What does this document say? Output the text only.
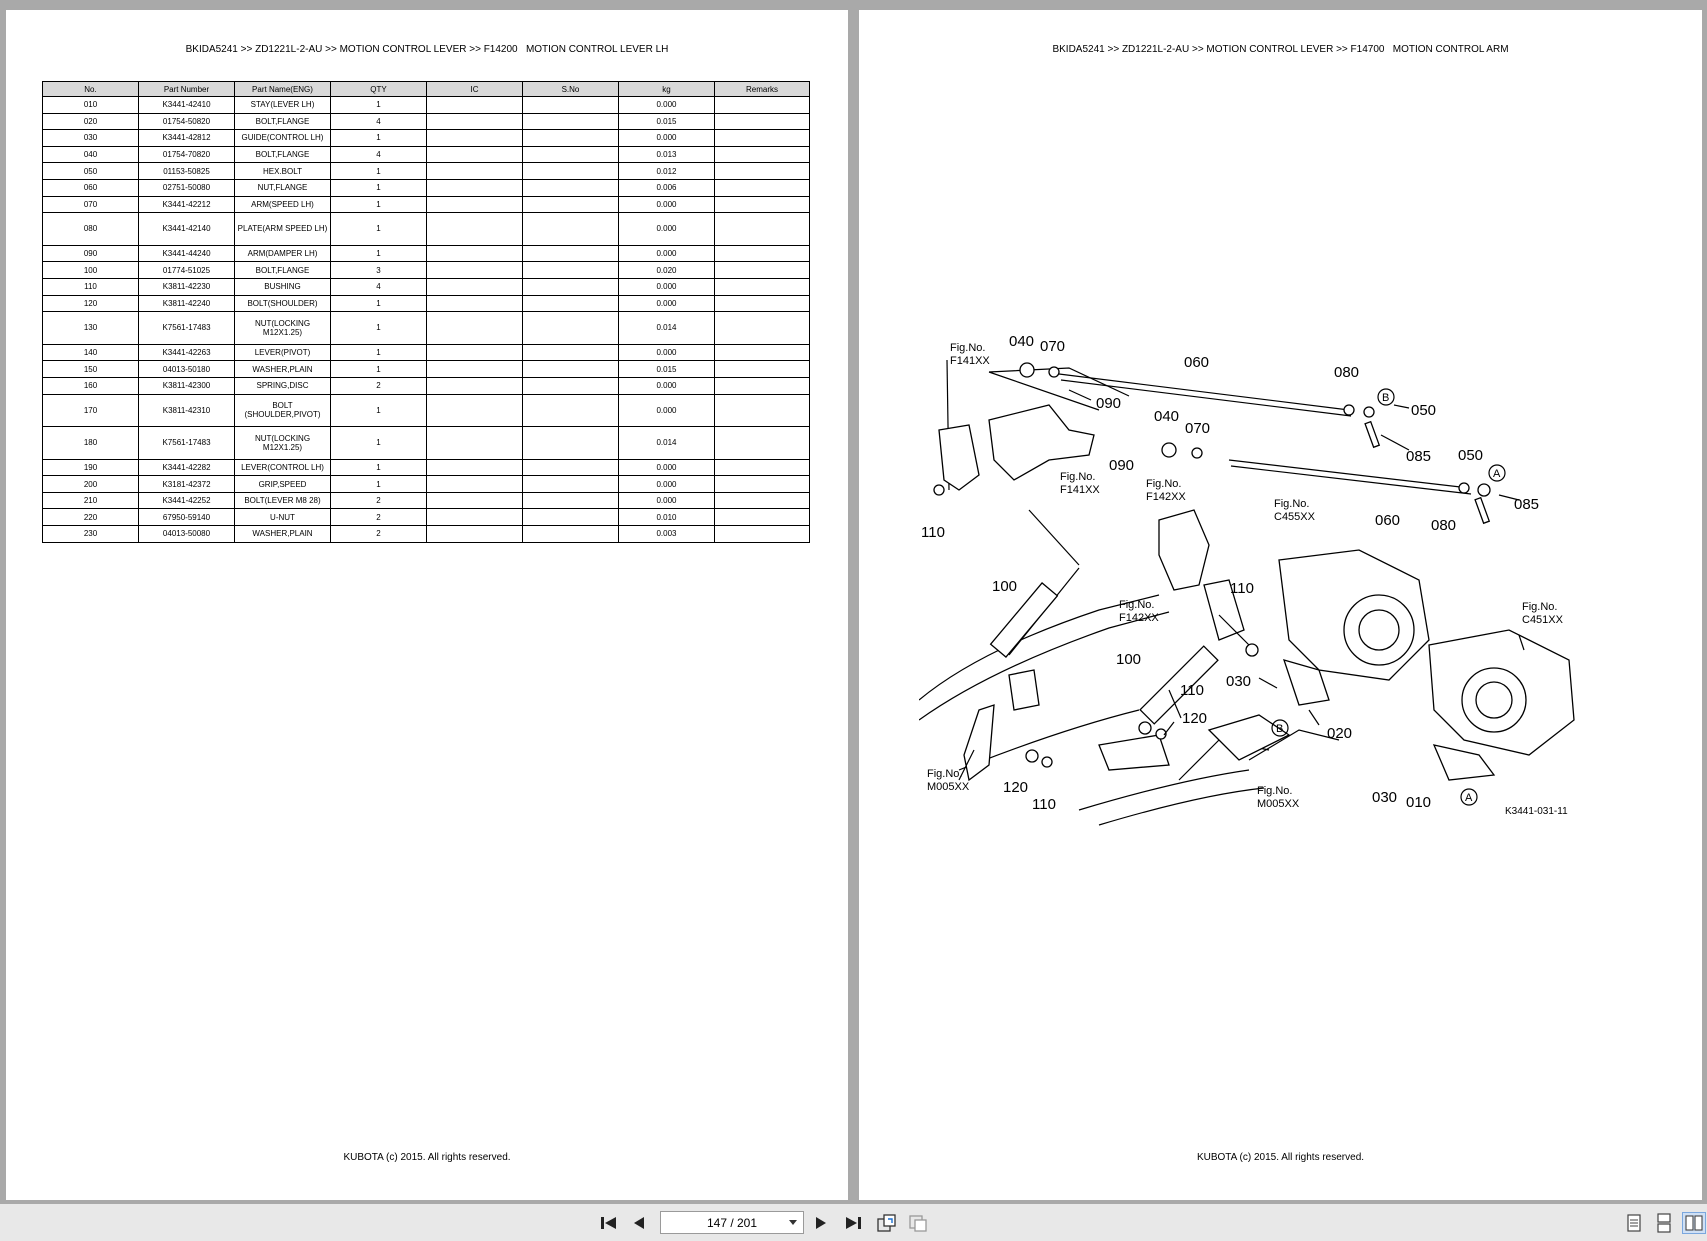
BKIDA5241 >> ZD1221L-2-AU >> MOTION CONTROL LEVER >> F14200   MOTION CONTROL LEVER LH
No.	Part Number	Part Name(ENG)	QTY	IC	S.No	kg	Remarks
010	K3441-42410	STAY(LEVER LH)	1			0.000	
020	01754-50820	BOLT,FLANGE	4			0.015	
030	K3441-42812	GUIDE(CONTROL LH)	1			0.000	
040	01754-70820	BOLT,FLANGE	4			0.013	
050	01153-50825	HEX.BOLT	1			0.012	
060	02751-50080	NUT,FLANGE	1			0.006	
070	K3441-42212	ARM(SPEED LH)	1			0.000	
080	K3441-42140	PLATE(ARM SPEED LH)	1			0.000	
090	K3441-44240	ARM(DAMPER LH)	1			0.000	
100	01774-51025	BOLT,FLANGE	3			0.020	
110	K3811-42230	BUSHING	4			0.000	
120	K3811-42240	BOLT(SHOULDER)	1			0.000	
130	K7561-17483	NUT(LOCKING M12X1.25)	1			0.014	
140	K3441-42263	LEVER(PIVOT)	1			0.000	
150	04013-50180	WASHER,PLAIN	1			0.015	
160	K3811-42300	SPRING,DISC	2			0.000	
170	K3811-42310	BOLT (SHOULDER,PIVOT)	1			0.000	
180	K7561-17483	NUT(LOCKING M12X1.25)	1			0.014	
190	K3441-42282	LEVER(CONTROL LH)	1			0.000	
200	K3181-42372	GRIP,SPEED	1			0.000	
210	K3441-42252	BOLT(LEVER M8 28)	2			0.000	
220	67950-59140	U-NUT	2			0.010	
230	04013-50080	WASHER,PLAIN	2			0.003	
KUBOTA (c) 2015. All rights reserved.
BKIDA5241 >> ZD1221L-2-AU >> MOTION CONTROL LEVER >> F14700   MOTION CONTROL ARM
040 070
060
080
050
090
040
070
085 050
090
060 080
085
110
100	110
100
030
110
120
020
120
110	030 010
B
A
B
A
Fig.No.
F141XX
Fig.No.
F141XX	Fig.No.
F142XX
Fig.No.
C455XX
Fig.No.
F142XX
Fig.No.
C451XX
Fig.No.
M005XX	Fig.No.
M005XX
K3441-031-11
KUBOTA (c) 2015. All rights reserved.
147 / 201
